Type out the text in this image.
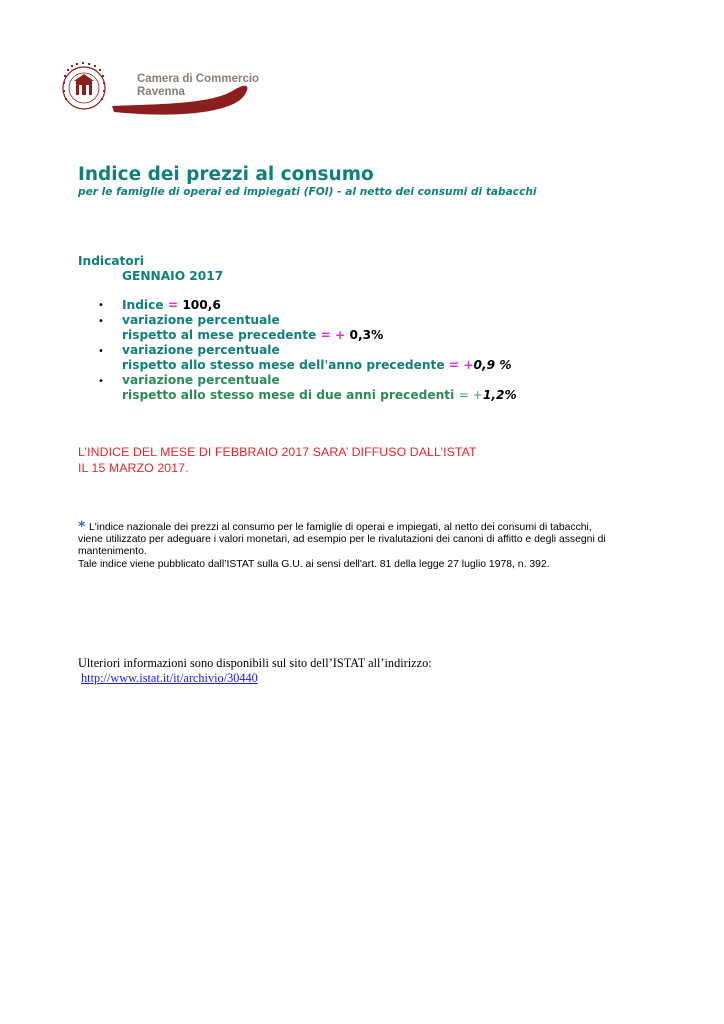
Camera di Commercio
Ravenna
Indice dei prezzi al consumo
per le famiglie di operai ed impiegati (FOI) - al netto dei consumi di tabacchi
Indicatori
GENNAIO 2017
•
•
•
•
Indice = 100,6
variazione percentuale
rispetto al mese precedente = + 0,3%
variazione percentuale
rispetto allo stesso mese dell'anno precedente = +0,9 %
variazione percentuale
rispetto allo stesso mese di due anni precedenti = +1,2%
L’INDICE DEL MESE DI FEBBRAIO 2017 SARA’ DIFFUSO DALL’ISTAT
IL 15 MARZO 2017.
* L'indice nazionale dei prezzi al consumo per le famiglie di operai e impiegati, al netto dei consumi di tabacchi,
viene utilizzato per adeguare i valori monetari, ad esempio per le rivalutazioni dei canoni di affitto e degli assegni di
mantenimento.
Tale indice viene pubblicato dall’ISTAT sulla G.U. ai sensi dell'art. 81 della legge 27 luglio 1978, n. 392.
Ulteriori informazioni sono disponibili sul sito dell’ISTAT all’indirizzo:
http://www.istat.it/it/archivio/30440
